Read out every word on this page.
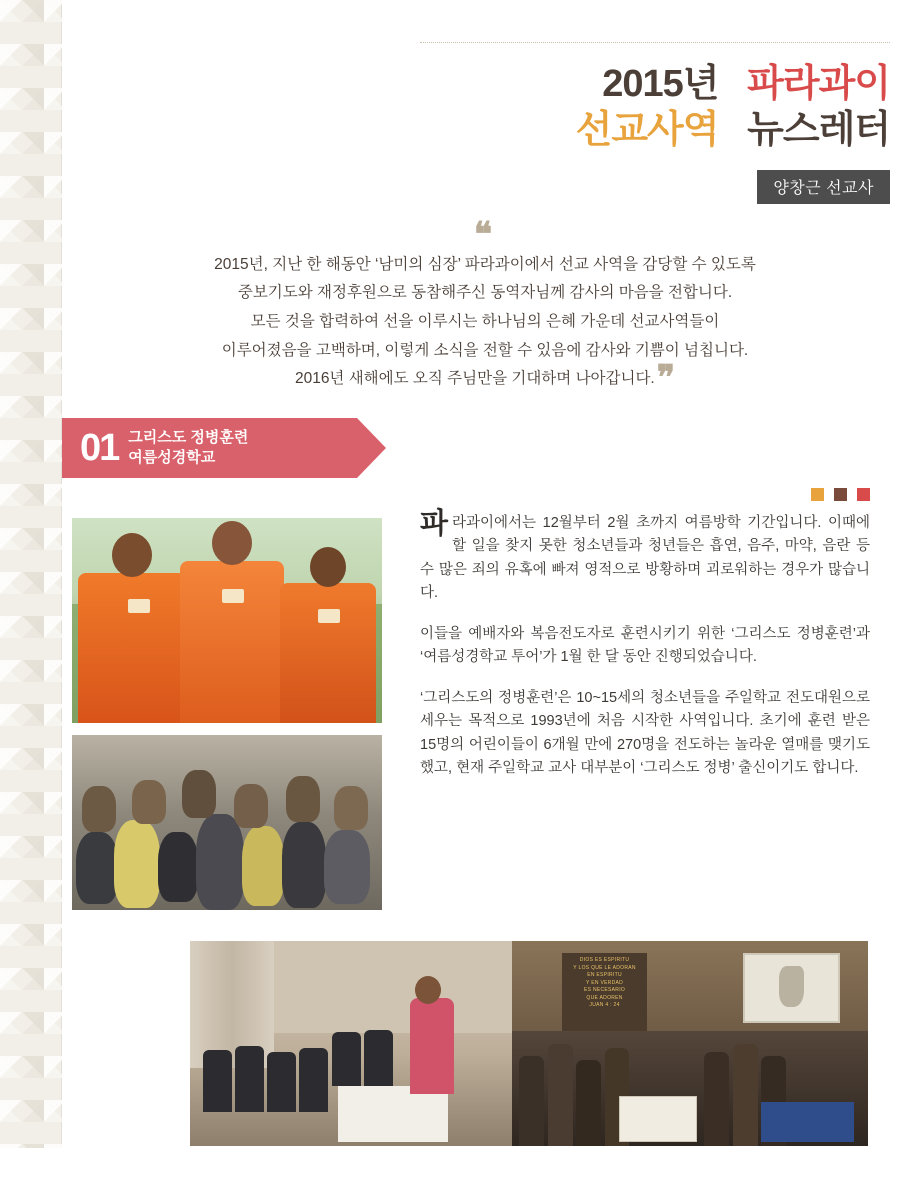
2015년 파라과이
선교사역 뉴스레터
양창근 선교사
❝
2015년, 지난 한 해동안 ‘남미의 심장’ 파라과이에서 선교 사역을 감당할 수 있도록
중보기도와 재정후원으로 동참해주신 동역자님께 감사의 마음을 전합니다.
모든 것을 합력하여 선을 이루시는 하나님의 은혜 가운데 선교사역들이
이루어졌음을 고백하며, 이렇게 소식을 전할 수 있음에 감사와 기쁨이 넘칩니다.
2016년 새해에도 오직 주님만을 기대하며 나아갑니다.❞
01 그리스도 정병훈련
여름성경학교

파라과이에서는 12월부터 2월 초까지 여름방학 기간입니다. 이때에 할 일을 찾지 못한 청소년들과 청년들은 흡연, 음주, 마약, 음란 등 수 많은 죄의 유혹에 빠져 영적으로 방황하며 괴로워하는 경우가 많습니다.

이들을 예배자와 복음전도자로 훈련시키기 위한 ‘그리스도 정병훈련’과 ‘여름성경학교 투어’가 1월 한 달 동안 진행되었습니다.

‘그리스도의 정병훈련’은 10~15세의 청소년들을 주일학교 전도대원으로 세우는 목적으로 1993년에 처음 시작한 사역입니다. 초기에 훈련 받은 15명의 어린이들이 6개월 만에 270명을 전도하는 놀라운 열매를 맺기도 했고, 현재 주일학교 교사 대부분이 ‘그리스도 정병’ 출신이기도 합니다.

DIOS ES ESPIRITU
Y LOS QUE LE ADORAN
EN ESPIRITU
Y EN VERDAD
ES NECESARIO
QUE ADOREN
JUAN 4 : 24
